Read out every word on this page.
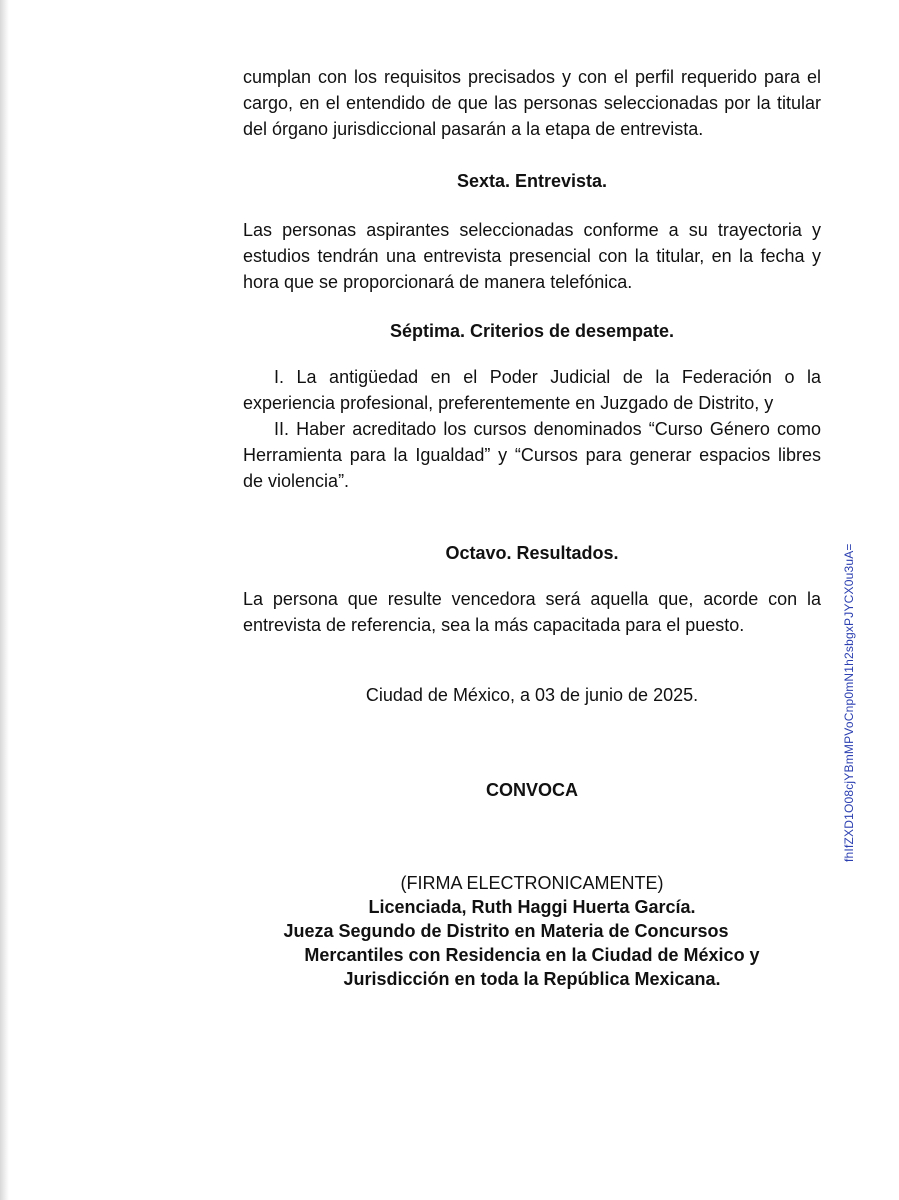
cumplan con los requisitos precisados y con el perfil requerido para el cargo, en el entendido de que las personas seleccionadas por la titular del órgano jurisdiccional pasarán a la etapa de entrevista.

Sexta. Entrevista.

Las personas aspirantes seleccionadas conforme a su trayectoria y estudios tendrán una entrevista presencial con la titular, en la fecha y hora que se proporcionará de manera telefónica.

Séptima. Criterios de desempate.

I. La antigüedad en el Poder Judicial de la Federación o la experiencia profesional, preferentemente en Juzgado de Distrito, y

II. Haber acreditado los cursos denominados “Curso Género como Herramienta para la Igualdad” y “Cursos para generar espacios libres de violencia”.

Octavo. Resultados.

La persona que resulte vencedora será aquella que, acorde con la entrevista de referencia, sea la más capacitada para el puesto.

Ciudad de México, a 03 de junio de 2025.

CONVOCA

(FIRMA ELECTRONICAMENTE)

Licenciada, Ruth Haggi Huerta García.

Jueza Segundo de Distrito en Materia de Concursos

Mercantiles con Residencia en la Ciudad de México y

Jurisdicción en toda la República Mexicana.

fhIfZXD1O08cjYBmMPVoCnp0mN1h2sbgxPJYCX0u3uA=
